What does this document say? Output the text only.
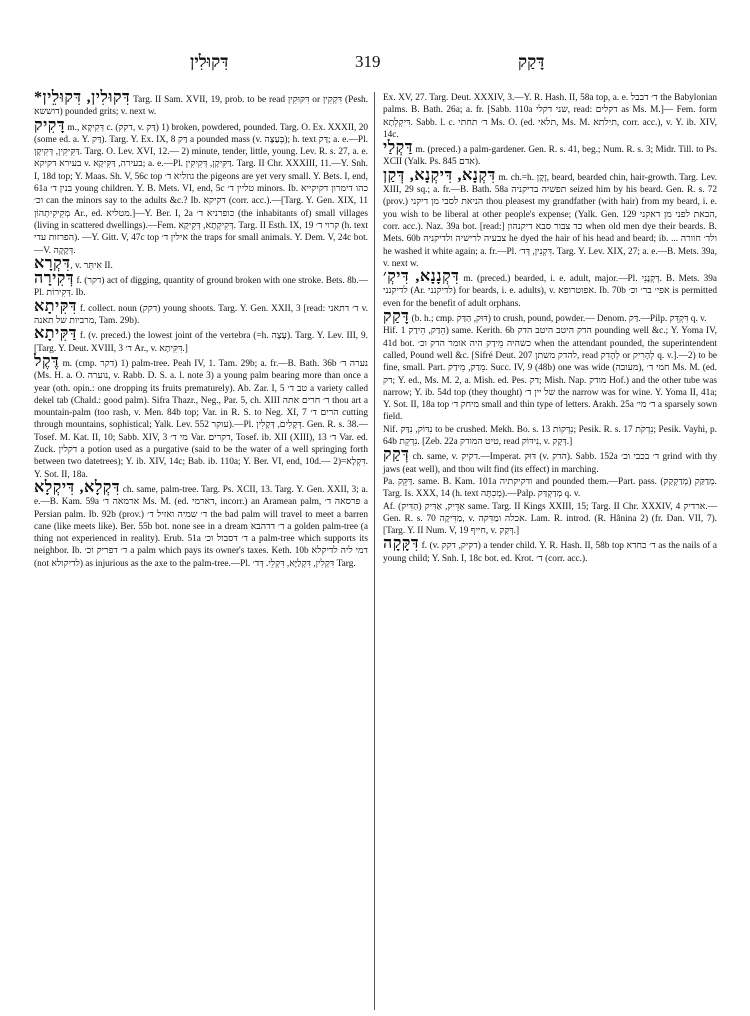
דִּקוּלִין	319	דָּקַק

*דִּקוּלִין, דִּקוּלֵין Targ. II Sam. XVII, 19, prob. to be read דִּקּוּקִין or דִּקְקִין (Pesh. דוששא) pounded grits; v. next w.

דָּקִיק m., דְּקִיקָא c. (דקק, v. דַּק) 1) broken, powdered, pounded. Targ. O. Ex. XXXII, 20 (some ed. a. Y. דַּק). Targ. Y. Ex. IX, 8 דַּק a pounded mass (v. בְּעַצָּה); h. text דַּק; a. e.—Pl. דַּקִּיקִין, דְּקִיקָן. Targ. O. Lev. XVI, 12.— 2) minute, tender, little, young. Lev. R. s. 27, a. e. בעירא דקיקא v. בעירה, דַּקִּיקָא; a. e.—Pl. דַּקִּיקָן, דְּקִיקִין. Targ. II Chr. XXXIII, 11.—Y. Snh. I, 18d top; Y. Maas. Sh. V, 56c top גוזליא ד׳ the pigeons are yet very small. Y. Bets. I, end, 61a בנין ד׳ young children. Y. B. Mets. VI, end, 5c טליין ד׳ minors. Ib. כהו דימרון דקיקייא וכ׳ can the minors say to the adults &c.? Ib. דקיקא (corr. acc.).—[Targ. Y. Gen. XIX, 11 מְקִיקִיתְהוֹן Ar., ed. מטליא.]—Y. Ber. I, 2a כופרניא ד׳ (the inhabitants of) small villages (living in scattered dwellings).—Fem. דְּקִיקְתָא, דְּקִיקָא. Targ. II Esth. IX, 19 קרוי ד׳ (h. text הפרזות עדי). —Y. Gitt. V, 47c top אילין ד׳ the traps for small animals. Y. Dem. V, 24c bot.—V. דְּקָקָה.

דִּקְרָא, v. אִיתֵּר II.

דְּקִירָה f. (דקר) act of digging, quantity of ground broken with one stroke. Bets. 8b.—Pl. דְּקִירוֹת. Ib.

דִּקִּיתָא f. collect. noun (דקק) young shoots. Targ. Y. Gen. XXII, 3 [read: ד׳ דתאני v. מרביות של תאנה, Tam. 29b).

דַּקִּיתָא f. (v. preced.) the lowest joint of the vertebra (=h. עָצֶה). Targ. Y. Lev. III, 9. [Targ. Y. Deut. XVIII, 3 ד׳ Ar., v. דִּקִּיתָא.]

דֶּקֶל m. (cmp. דקר) 1) palm-tree. Peah IV, 1. Tam. 29b; a. fr.—B. Bath. 36b נערה ד׳ (Ms. H. a. O. נוערה, v. Rabb. D. S. a. l. note 3) a young palm bearing more than once a year (oth. opin.: one dropping its fruits prematurely). Ab. Zar. I, 5 טב ד׳ a variety called dekel tab (Chald.: good palm). Sifra Thazr., Neg., Par. 5, ch. XIII ד׳ חרים אתה thou art a mountain-palm (too rash, v. Men. 84b top; Var. in R. S. to Neg. XI, 7 הרים ד׳ cutting through mountains, sophistical; Yalk. Lev. 552 עוקר).—Pl. דְּקָלִים, דְּקָלִין. Gen. R. s. 38.—Tosef. M. Kat. II, 10; Sabb. XIV, 3 מי ד׳ Var. דקרים, Tosef. ib. XII (XIII), 13 ד׳ Var. ed. Zuck. דקלין a potion used as a purgative (said to be the water of a well springing forth between two datetrees); Y. ib. XIV, 14c; Bab. ib. 110a; Y. Ber. VI, end, 10d.— 2)=דִּקְלָא. Y. Sot. II, 18a.

דִּקְלָא, דִּיקְלָא ch. same, palm-tree. Targ. Ps. XCII, 13. Targ. Y. Gen. XXII, 3; a. e.—B. Kam. 59a ארמאה ד׳ Ms. M. (ed. דארמי, incorr.) an Aramean palm, פרסאה ד׳ a Persian palm. Ib. 92b (prov.) ד׳ שמיה ואזיל ד׳ the bad palm will travel to meet a barren cane (like meets like). Ber. 55b bot. none see in a dream ד׳ דדהבא a golden palm-tree (a thing not experienced in reality). Erub. 51a ד׳ דסבול וכ׳ a palm-tree which supports its neighbor. Ib. ד׳ דפריק וכ׳ a palm which pays its owner's taxes. Keth. 10b דמי ליה לדיקלא (not לדיקולא) as injurious as the axe to the palm-tree.—Pl. דִּקְלִין, דִּקְלַיָּא, דִּקְלֵי. דְּד׳ Targ.

Ex. XV, 27. Targ. Deut. XXXIV, 3.—Y. R. Hash. II, 58a top, a. e. ד׳ דבבל the Babylonian palms. B. Bath. 26a; a. fr. [Sabb. 110a שני דקלי, read: דקלים as Ms. M.]— Fem. form דִּיקְלְתָא. Sabb. l. c. ד׳ תחתי Ms. O. (ed. תלאי, Ms. M. תילתא, corr. acc.), v. Y. ib. XIV, 14c.

דַּקְלַי m. (preced.) a palm-gardener. Gen. R. s. 41, beg.; Num. R. s. 3; Midr. Till. to Ps. XCII (Yalk. Ps. 845 אדם).

דִּקְנָא, דִּיקְנָא, דְּקַן m. ch.=h. זָקָן, beard, bearded chin, hair-growth. Targ. Lev. XIII, 29 sq.; a. fr.—B. Bath. 58a תפשיה בדיקניה seized him by his beard. Gen. R. s. 72 (prov.) הניאת לסבי מן דיקני thou pleasest my grandfather (with hair) from my beard, i. e. you wish to be liberal at other people's expense; (Yalk. Gen. 129 הבאת לפני מן דאקני, corr. acc.). Naz. 39a bot. [read:] כד צבור סבא דיקנהון when old men dye their beards. B. Mets. 60b צבעיה לרישיה ולדיקניה he dyed the hair of his head and beard; ib. ... ולד׳ חוורה he washed it white again; a. fr.—Pl. דִּקְנִין, דְּד׳. Targ. Y. Lev. XIX, 27; a. e.—B. Mets. 39a, v. next w.

דִּקְנָנָא, דִּיקְ׳ m. (preced.) bearded, i. e. adult, major.—Pl. דְּקְנָנֵי. B. Mets. 39a לדיקנני (Ar. לדיקנני) for beards, i. e. adults), v. אפוטרופא. Ib. 70b אפי׳ בר׳ וכ׳ is permitted even for the benefit of adult orphans.

דָּקַק (b. h.; cmp. דּוּק, הַדַּק) to crush, pound, powder.— Denom. דַּק.—Pilp. דִּקְדֵּק q. v.
Hif. הֵדַק, הֵידַק 1) same. Kerith. 6b הדק היטב היטב הדק pounding well &c.; Y. Yoma IV, 41d bot. כשהיה מֵידַק היה אומר הדק וכ׳ when the attendant pounded, the superintendent called, Pound well &c. [Sifré Deut. 207 להדק משתן, read לְהָדִק or לְהָרִיק q. v.].—2) to be fine, small. Part. מֵדַק, מֵידַק. Succ. IV, 9 (48b) one was wide (מעובה), חמי ד׳ Ms. M. (ed. דק; Y. ed., Ms. M. 2, a. Mish. ed. Pes. דק; Mish. Nap. מודק Hof.) and the other tube was narrow; Y. ib. 54d top (they thought) של יין ד׳ the narrow was for wine. Y. Yoma II, 41a; Y. Sot. II, 18a top מיחק ד׳ small and thin type of letters. Arakh. 25a ד׳ מי׳ a sparsely sown field.
Nif. נִדּוֹק, נִדַּק to be crushed. Mekh. Bo. s. 13 נִדְּקוֹת; Pesik. R. s. 17 נִדְקֹת; Pesik. Vayhi, p. 64b נִדְקֵת. [Zeb. 22a טיט המודק, read נִידּוֹק, v. דְּקָק.]

דְּקַק ch. same, v. דקיק.—Imperat. דּוּק (v. הדק). Sabb. 152a ד׳ בכבי וכ׳ grind with thy jaws (eat well), and thou wilt find (its effect) in marching.
Pa. דַּקֵּק. same. B. Kam. 101a ודקיקתיה and pounded them.—Part. pass. מְדַקַּק (מְדַקְקַק). Targ. Is. XXX, 14 (h. text מְכִתָּה).—Palp. מְדַקְדַּק q. v.
Af. אַדֵּיק, אַדִּיק (הַדִּיק) same. Targ. II Kings XXIII, 15; Targ. II Chr. XXXIV, 4 ארדיק.—Gen. R. s. 70 מַדִּיקָה, v. אכלה ומַדִּקה. Lam. R. introd. (R. Hânina 2) (fr. Dan. VII, 7). [Targ. Y. II Num. V, 19 חייף, v. דְּקַק.]

דִּקָּקָה f. (v. דקיק, דקק) a tender child. Y. R. Hash. II, 58b top ד׳ כחדא as the nails of a young child; Y. Snh. I, 18c bot. ed. Krot. ד׳ (corr. acc.).
